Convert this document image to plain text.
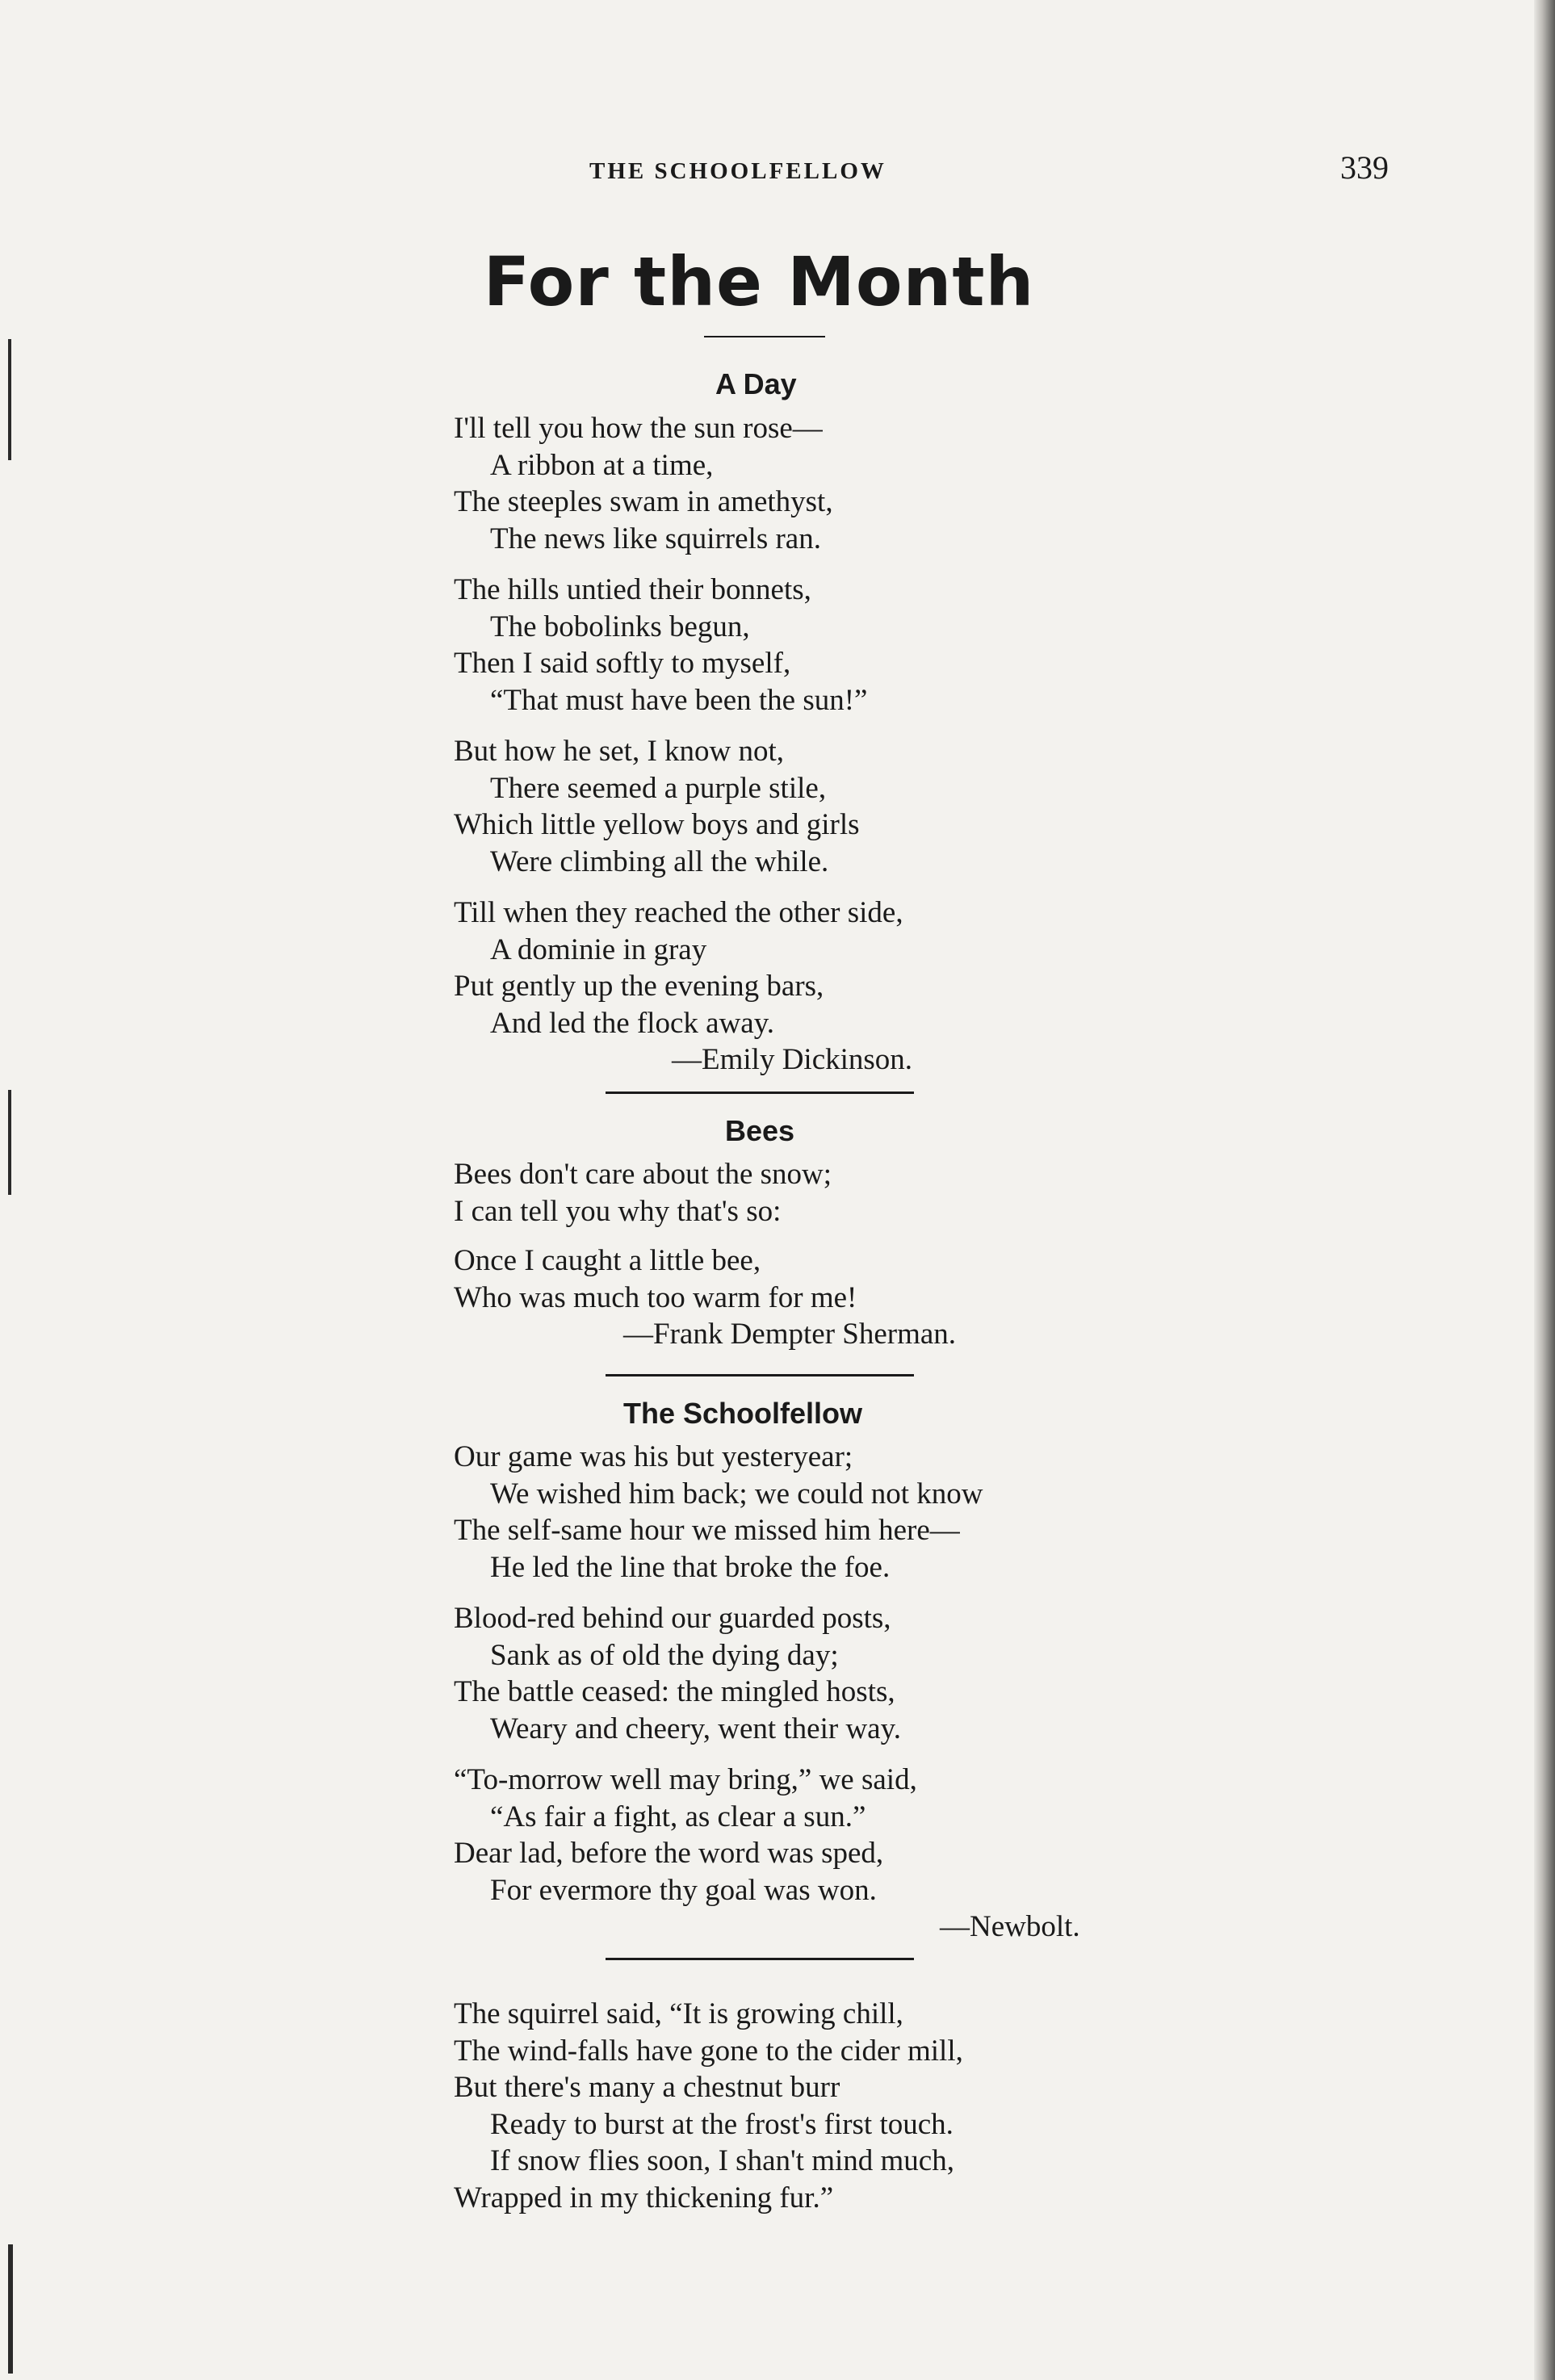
THE SCHOOLFELLOW	339
For the Month
A Day
I'll tell you how the sun rose—
A ribbon at a time,
The steeples swam in amethyst,
The news like squirrels ran.
The hills untied their bonnets,
The bobolinks begun,
Then I said softly to myself,
“That must have been the sun!”
But how he set, I know not,
There seemed a purple stile,
Which little yellow boys and girls
Were climbing all the while.
Till when they reached the other side,
A dominie in gray
Put gently up the evening bars,
And led the flock away.
—Emily Dickinson.
Bees
Bees don't care about the snow;
I can tell you why that's so:
Once I caught a little bee,
Who was much too warm for me!
—Frank Dempter Sherman.
The Schoolfellow
Our game was his but yesteryear;
We wished him back; we could not know
The self-same hour we missed him here—
He led the line that broke the foe.
Blood-red behind our guarded posts,
Sank as of old the dying day;
The battle ceased: the mingled hosts,
Weary and cheery, went their way.
“To-morrow well may bring,” we said,
“As fair a fight, as clear a sun.”
Dear lad, before the word was sped,
For evermore thy goal was won.
—Newbolt.
The squirrel said, “It is growing chill,
The wind-falls have gone to the cider mill,
But there's many a chestnut burr
Ready to burst at the frost's first touch.
If snow flies soon, I shan't mind much,
Wrapped in my thickening fur.”
